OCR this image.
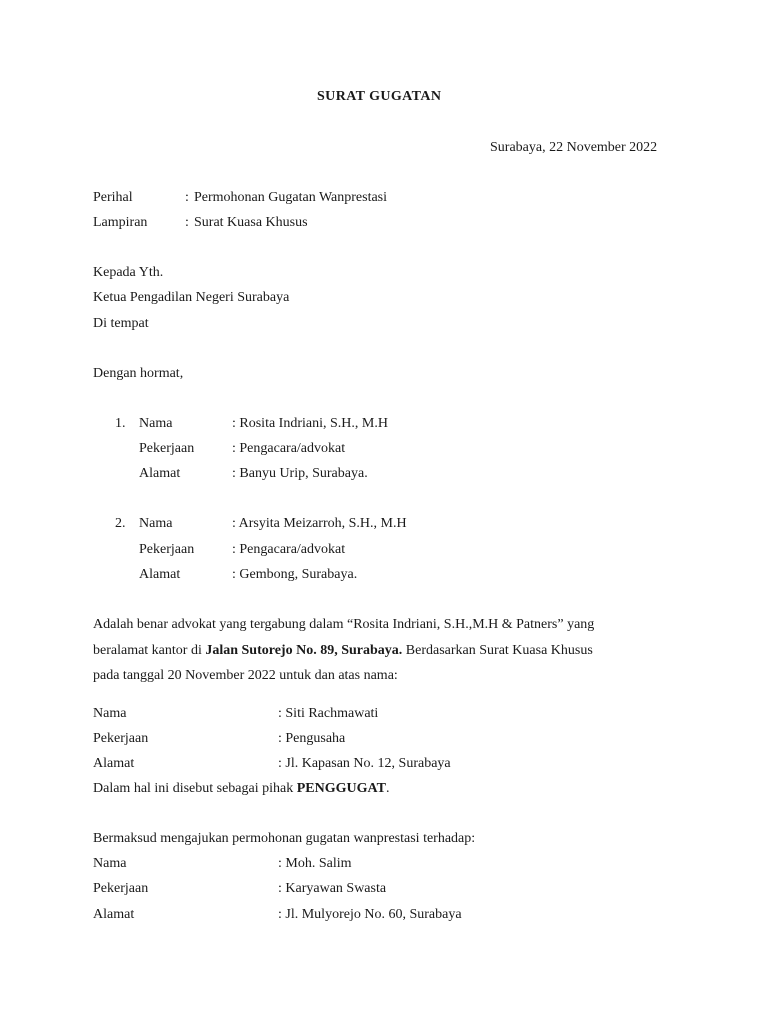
SURAT GUGATAN
Surabaya, 22 November 2022
Perihal	: Permohonan Gugatan Wanprestasi
Lampiran	: Surat Kuasa Khusus
Kepada Yth.
Ketua Pengadilan Negeri Surabaya
Di tempat
Dengan hormat,
1. Nama	: Rosita Indriani, S.H., M.H
Pekerjaan	: Pengacara/advokat
Alamat	: Banyu Urip, Surabaya.
2. Nama	: Arsyita Meizarroh, S.H., M.H
Pekerjaan	: Pengacara/advokat
Alamat	: Gembong, Surabaya.
Adalah benar advokat yang tergabung dalam “Rosita Indriani, S.H.,M.H & Patners” yang
beralamat kantor di Jalan Sutorejo No. 89, Surabaya. Berdasarkan Surat Kuasa Khusus
pada tanggal 20 November 2022 untuk dan atas nama:
Nama	: Siti Rachmawati
Pekerjaan	: Pengusaha
Alamat	: Jl. Kapasan No. 12, Surabaya
Dalam hal ini disebut sebagai pihak PENGGUGAT.
Bermaksud mengajukan permohonan gugatan wanprestasi terhadap:
Nama	: Moh. Salim
Pekerjaan	: Karyawan Swasta
Alamat	: Jl. Mulyorejo No. 60, Surabaya
